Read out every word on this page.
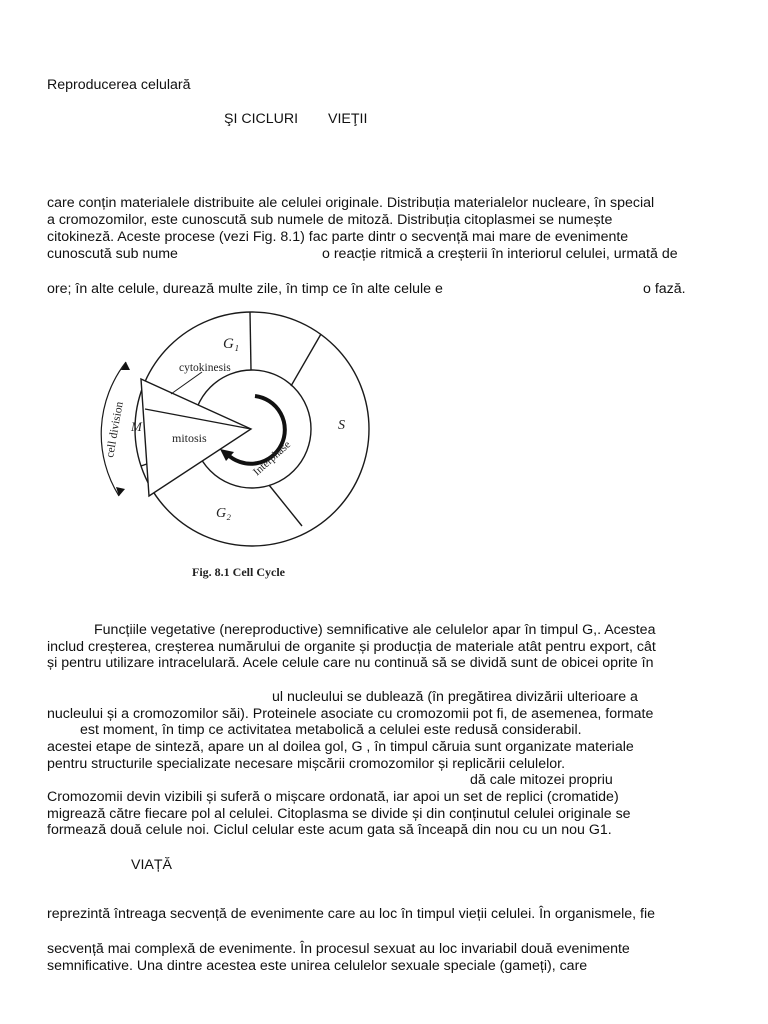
Reproducerea celulară
ŞI CICLURI VIEŢII
care conțin materialele distribuite ale celulei originale. Distribuția materialelor nucleare, în special
a cromozomilor, este cunoscută sub numele de mitoză. Distribuția citoplasmei se numește
citokineză. Aceste procese (vezi Fig. 8.1) fac parte dintr o secvență mai mare de evenimente
cunoscută sub nume	o reacție ritmică a creșterii în interiorul celulei, urmată de
ore; în alte celule, durează multe zile, în timp ce în alte celule e	o fază.
G₁
S
G₂
M
cytokinesis
mitosis
Interphase
cell division
Fig. 8.1 Cell Cycle
Funcțiile vegetative (nereproductive) semnificative ale celulelor apar în timpul G,. Acestea
includ creșterea, creșterea numărului de organite și producția de materiale atât pentru export, cât
și pentru utilizare intracelulară. Acele celule care nu continuă să se dividă sunt de obicei oprite în
ul nucleului se dublează (în pregătirea divizării ulterioare a
nucleului și a cromozomilor săi). Proteinele asociate cu cromozomii pot fi, de asemenea, formate
est moment, în timp ce activitatea metabolică a celulei este redusă considerabil.
acestei etape de sinteză, apare un al doilea gol, G , în timpul căruia sunt organizate materiale
pentru structurile specializate necesare mișcării cromozomilor și replicării celulelor.
dă cale mitozei propriu
Cromozomii devin vizibili și suferă o mișcare ordonată, iar apoi un set de replici (cromatide)
migrează către fiecare pol al celulei. Citoplasma se divide și din conținutul celulei originale se
formează două celule noi. Ciclul celular este acum gata să înceapă din nou cu un nou G1.
VIAȚĂ
reprezintă întreaga secvență de evenimente care au loc în timpul vieții celulei. În organismele, fie
secvență mai complexă de evenimente. În procesul sexuat au loc invariabil două evenimente
semnificative. Una dintre acestea este unirea celulelor sexuale speciale (gameți), care
